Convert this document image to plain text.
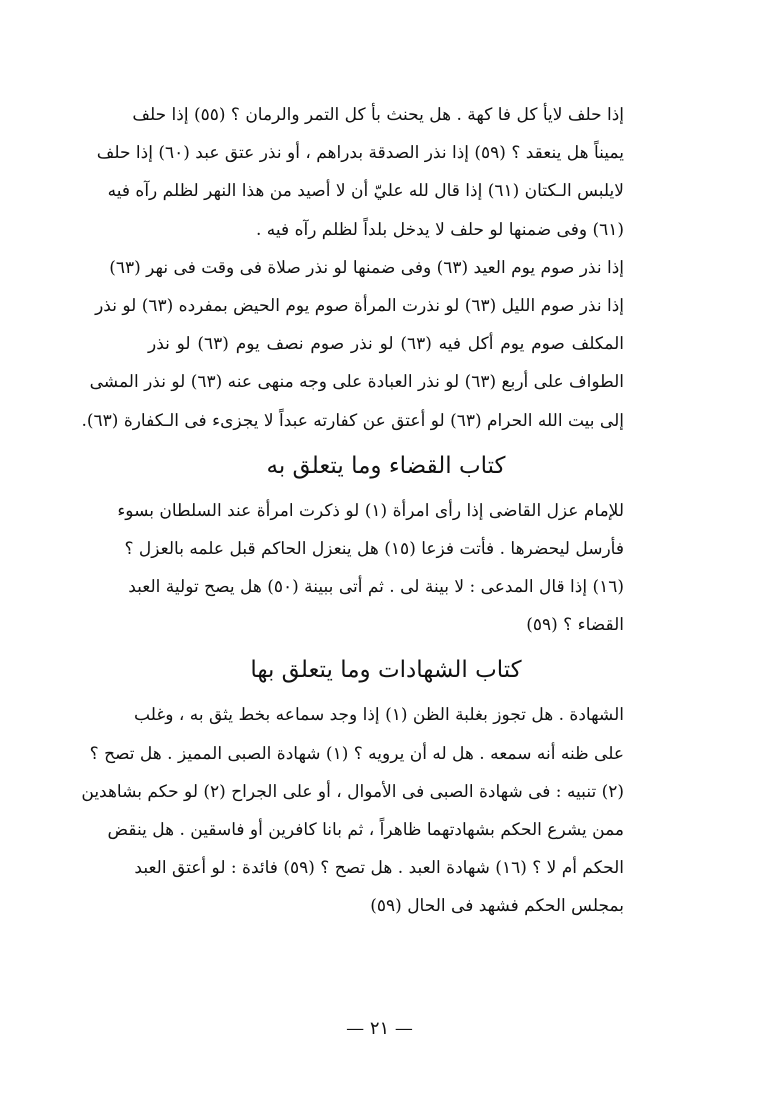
إذا حلف لايأ كل فا كهة . هل يحنث بأ كل التمر والرمان ؟ (٥٥) إذا حلف
يميناً هل ينعقد ؟ (٥٩) إذا نذر الصدقة بدراهم ، أو نذر عتق عبد (٦٠) إذا حلف
لايلبس الـكتان (٦١) إذا قال لله عليّ أن لا أصيد من هذا النهر لظلم رآه فيه
(٦١) وفى ضمنها لو حلف لا يدخل بلداً لظلم رآه فيه .
إذا نذر صوم يوم العيد (٦٣) وفى ضمنها لو نذر صلاة فى وقت فى نهر (٦٣)
إذا نذر صوم الليل (٦٣) لو نذرت المرأة صوم يوم الحيض بمفرده (٦٣) لو نذر
المكلف صوم يوم أكل فيه (٦٣) لو نذر صوم نصف يوم (٦٣) لو نذر
الطواف على أربع (٦٣) لو نذر العبادة على وجه منهى عنه (٦٣) لو نذر المشى
إلى بيت الله الحرام (٦٣) لو أعتق عن كفارته عبداً لا يجزىء فى الـكفارة (٦٣).
كتاب القضاء وما يتعلق به
للإمام عزل القاضى إذا رأى امرأة (١) لو ذكرت امرأة عند السلطان بسوء
فأرسل ليحضرها . فأتت فزعا (١٥) هل ينعزل الحاكم قبل علمه بالعزل ؟
(١٦) إذا قال المدعى : لا بينة لى . ثم أتى ببينة (٥٠) هل يصح تولية العبد
القضاء ؟ (٥٩)
كتاب الشهادات وما يتعلق بها
الشهادة . هل تجوز بغلبة الظن (١) إذا وجد سماعه بخط يثق به ، وغلب
على ظنه أنه سمعه . هل له أن يرويه ؟ (١) شهادة الصبى المميز . هل تصح ؟
(٢) تنبيه : فى شهادة الصبى فى الأموال ، أو على الجراح (٢) لو حكم بشاهدين
ممن يشرع الحكم بشهادتهما ظاهراً ، ثم بانا كافرين أو فاسقين . هل ينقض
الحكم أم لا ؟ (١٦) شهادة العبد . هل تصح ؟ (٥٩) فائدة : لو أعتق العبد
بمجلس الحكم فشهد فى الحال (٥٩)
— ٢١ —
